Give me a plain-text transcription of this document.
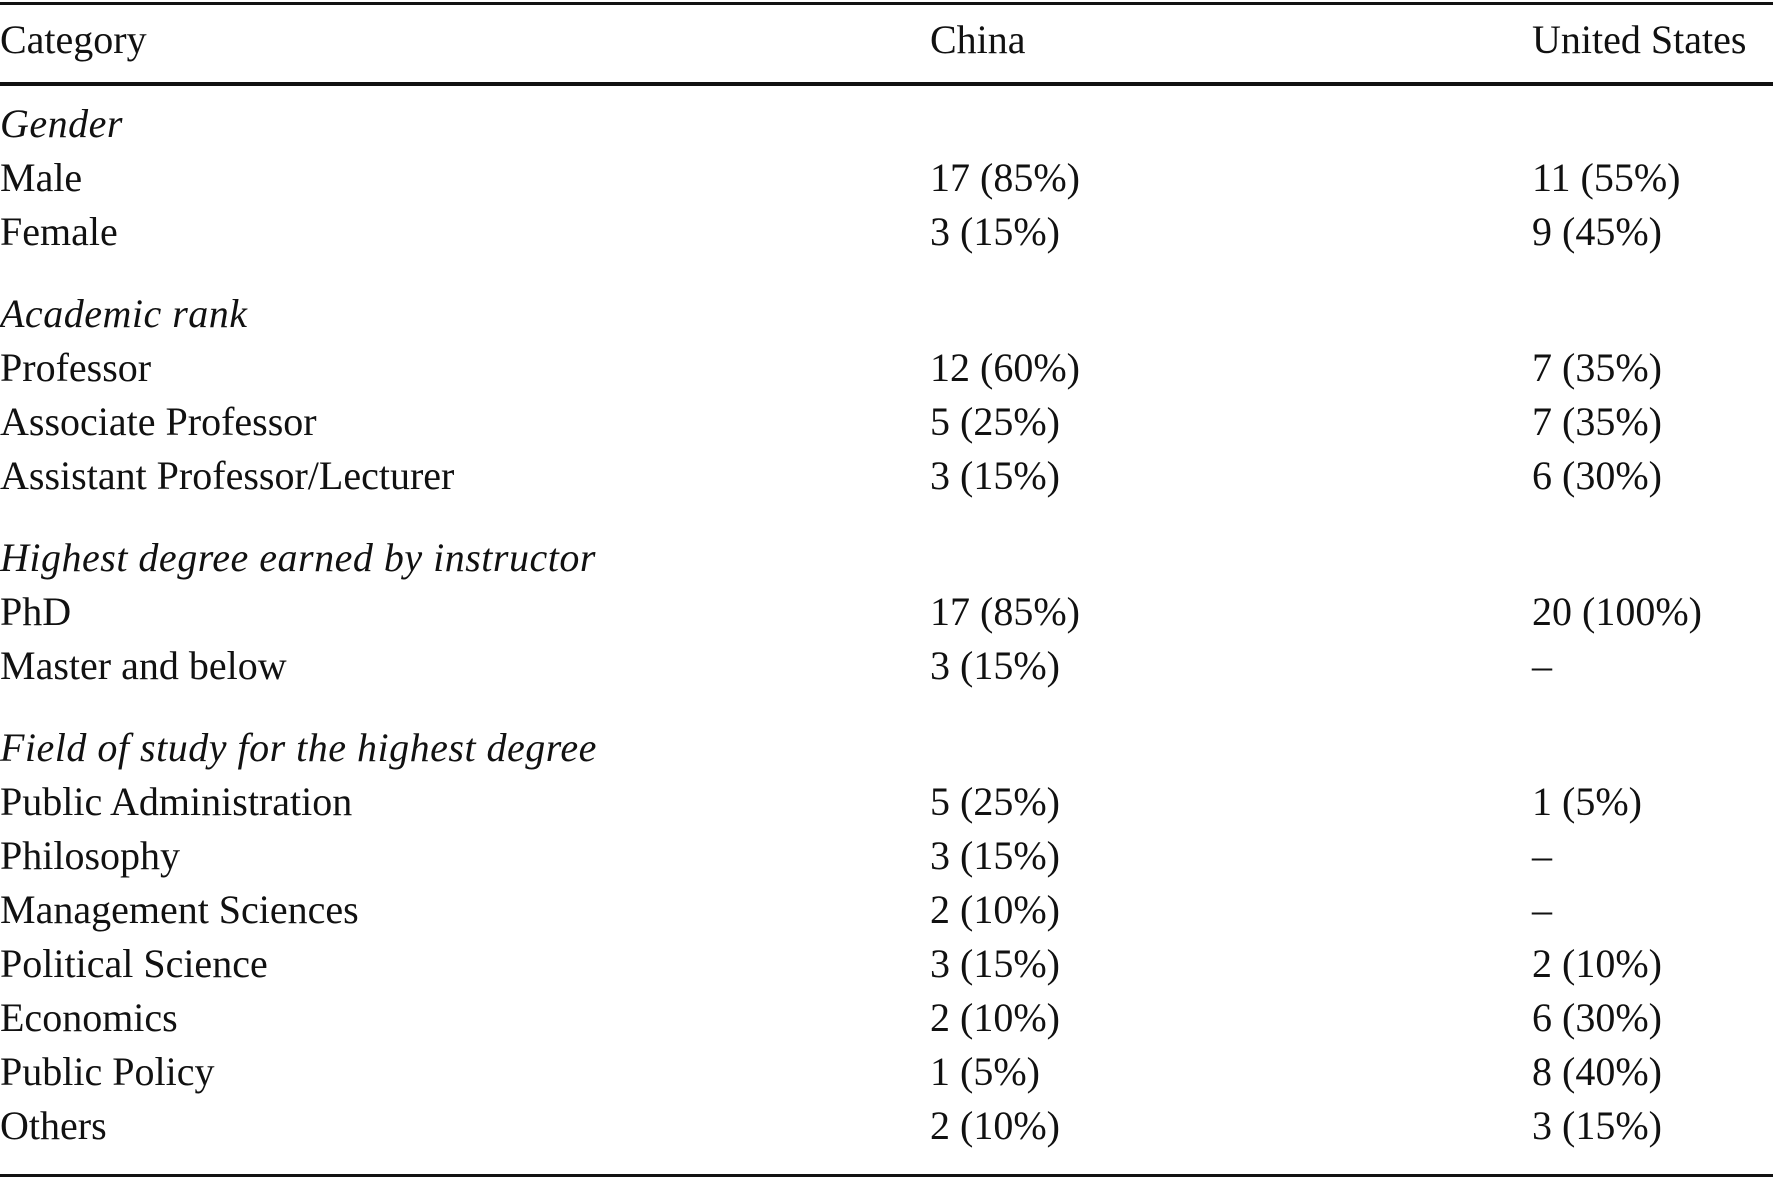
Category	China	United States
Gender
Male	17 (85%)	11 (55%)
Female	3 (15%)	9 (45%)
Academic rank
Professor	12 (60%)	7 (35%)
Associate Professor	5 (25%)	7 (35%)
Assistant Professor/Lecturer	3 (15%)	6 (30%)
Highest degree earned by instructor
PhD	17 (85%)	20 (100%)
Master and below	3 (15%)	–
Field of study for the highest degree
Public Administration	5 (25%)	1 (5%)
Philosophy	3 (15%)	–
Management Sciences	2 (10%)	–
Political Science	3 (15%)	2 (10%)
Economics	2 (10%)	6 (30%)
Public Policy	1 (5%)	8 (40%)
Others	2 (10%)	3 (15%)
